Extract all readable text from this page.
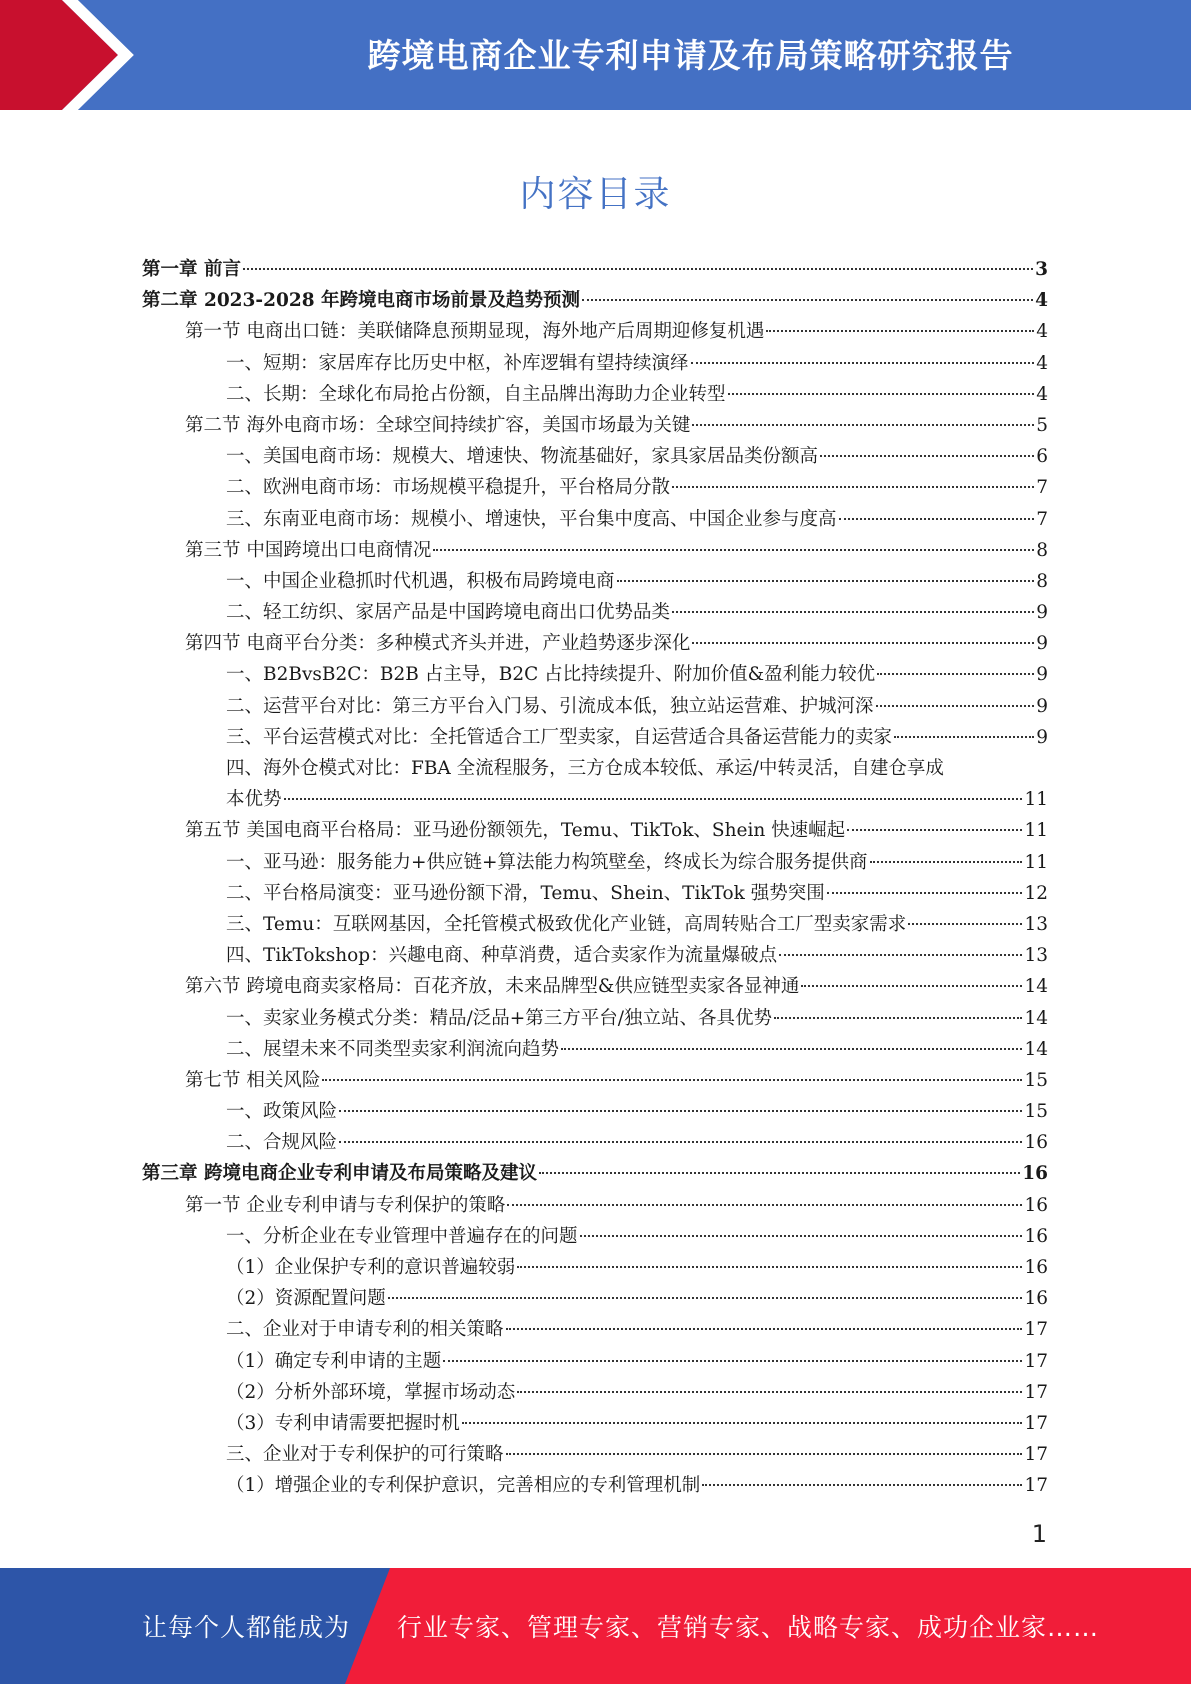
跨境电商企业专利申请及布局策略研究报告
内容目录
第一章 前言	3
第二章 2023-2028 年跨境电商市场前景及趋势预测	4
第一节 电商出口链：美联储降息预期显现，海外地产后周期迎修复机遇	4
一、短期：家居库存比历史中枢，补库逻辑有望持续演绎	4
二、长期：全球化布局抢占份额，自主品牌出海助力企业转型	4
第二节 海外电商市场：全球空间持续扩容，美国市场最为关键	5
一、美国电商市场：规模大、增速快、物流基础好，家具家居品类份额高	6
二、欧洲电商市场：市场规模平稳提升，平台格局分散	7
三、东南亚电商市场：规模小、增速快，平台集中度高、中国企业参与度高	7
第三节 中国跨境出口电商情况	8
一、中国企业稳抓时代机遇，积极布局跨境电商	8
二、轻工纺织、家居产品是中国跨境电商出口优势品类	9
第四节 电商平台分类：多种模式齐头并进，产业趋势逐步深化	9
一、B2BvsB2C：B2B 占主导，B2C 占比持续提升、附加价值&盈利能力较优	9
二、运营平台对比：第三方平台入门易、引流成本低，独立站运营难、护城河深	9
三、平台运营模式对比：全托管适合工厂型卖家，自运营适合具备运营能力的卖家	9
四、海外仓模式对比：FBA 全流程服务，三方仓成本较低、承运/中转灵活，自建仓享成
本优势	11
第五节 美国电商平台格局：亚马逊份额领先，Temu、TikTok、Shein 快速崛起	11
一、亚马逊：服务能力+供应链+算法能力构筑壁垒，终成长为综合服务提供商	11
二、平台格局演变：亚马逊份额下滑，Temu、Shein、TikTok 强势突围	12
三、Temu：互联网基因，全托管模式极致优化产业链，高周转贴合工厂型卖家需求	13
四、TikTokshop：兴趣电商、种草消费，适合卖家作为流量爆破点	13
第六节 跨境电商卖家格局：百花齐放，未来品牌型&供应链型卖家各显神通	14
一、卖家业务模式分类：精品/泛品+第三方平台/独立站、各具优势	14
二、展望未来不同类型卖家利润流向趋势	14
第七节 相关风险	15
一、政策风险	15
二、合规风险	16
第三章 跨境电商企业专利申请及布局策略及建议	16
第一节 企业专利申请与专利保护的策略	16
一、分析企业在专业管理中普遍存在的问题	16
（1）企业保护专利的意识普遍较弱	16
（2）资源配置问题	16
二、企业对于申请专利的相关策略	17
（1）确定专利申请的主题	17
（2）分析外部环境，掌握市场动态	17
（3）专利申请需要把握时机	17
三、企业对于专利保护的可行策略	17
（1）增强企业的专利保护意识，完善相应的专利管理机制	17
1
让每个人都能成为 行业专家、管理专家、营销专家、战略专家、成功企业家……
